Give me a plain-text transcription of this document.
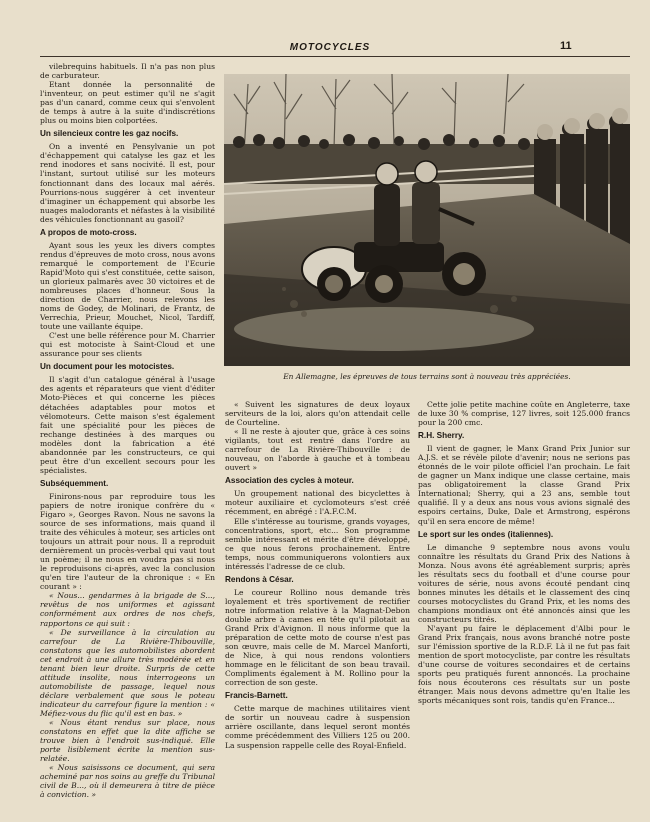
MOTOCYCLES	11

vilebrequins habituels. Il n'a pas non plus de carburateur.

Etant donnée la personnalité de l'inventeur, on peut estimer qu'il ne s'agit pas d'un canard, comme ceux qui s'envolent de temps à autre à la suite d'indiscrétions plus ou moins bien colportées.

Un silencieux contre les gaz nocifs.

On a inventé en Pensylvanie un pot d'échappement qui catalyse les gaz et les rend inodores et sans nocivité. Il est, pour l'instant, surtout utilisé sur les moteurs fonctionnant dans des locaux mal aérés. Pourrions-nous suggérer à cet inventeur d'imaginer un échappement qui absorbe les nuages malodorants et néfastes à la visibilité des véhicules fonctionnant au gasoil?

A propos de moto-cross.

Ayant sous les yeux les divers comptes rendus d'épreuves de moto cross, nous avons remarqué le comportement de l'Ecurie Rapid'Moto qui s'est constituée, cette saison, un glorieux palmarès avec 30 victoires et de nombreuses places d'honneur. Sous la direction de Charrier, nous relevons les noms de Godey, de Molinari, de Frantz, de Verrechia, Prieur, Mouchet, Nicol, Tardiff, toute une vaillante équipe.

C'est une belle référence pour M. Charrier qui est motociste à Saint-Cloud et une assurance pour ses clients

Un document pour les motocistes.

Il s'agit d'un catalogue général à l'usage des agents et réparateurs que vient d'éditer Moto-Pièces et qui concerne les pièces détachées adaptables pour motos et vélomoteurs. Cette maison s'est également fait une spécialité pour les pièces de rechange destinées à des marques ou modèles dont la fabrication a été abandonnée par les constructeurs, ce qui peut être d'un excellent secours pour les spécialistes.

Subséquemment.

Finirons-nous par reproduire tous les papiers de notre ironique confrère du « Figaro », Georges Ravon. Nous ne savons la source de ses informations, mais quand il traite des véhicules à moteur, ses articles ont toujours un attrait pour nous. Il a reproduit dernièrement un procès-verbal qui vaut tout un poème; il ne nous en voudra pas si nous le reproduisons ci-après, avec la conclusion qu'en tire l'auteur de la chronique : « En courant » :

« Nous... gendarmes à la brigade de S..., revêtus de nos uniformes et agissant conformément aux ordres de nos chefs, rapportons ce qui suit :

« De surveillance à la circulation au carrefour de La Rivière-Thibouville, constatons que les automobilistes abordent cet endroit à une allure très modérée et en tenant bien leur droite. Surpris de cette attitude insolite, nous interrogeons un automobiliste de passage, lequel nous déclare verbalement que sous le poteau indicateur du carrefour figure la mention : « Méfiez-vous du flic qu'il est en bas. »

« Nous étant rendus sur place, nous constatons en effet que la dite affiche se trouve bien à l'endroit sus-indiqué. Elle porte lisiblement écrite la mention sus-relatée.

« Nous saisissons ce document, qui sera acheminé par nos soins au greffe du Tribunal civil de B..., où il demeurera à titre de pièce à conviction. »

En Allemagne, les épreuves de tous terrains sont à nouveau très appréciées.

« Suivent les signatures de deux loyaux serviteurs de la loi, alors qu'on attendait celle de Courteline.

« Il ne reste à ajouter que, grâce à ces soins vigilants, tout est rentré dans l'ordre au carrefour de La Rivière-Thibouville : de nouveau, on l'aborde à gauche et à tombeau ouvert »

Association des cycles à moteur.

Un groupement national des bicyclettes à moteur auxiliaire et cyclomoteurs s'est créé récemment, en abrégé : l'A.F.C.M.

Elle s'intéresse au tourisme, grands voyages, concentrations, sport, etc... Son programme semble intéressant et mérite d'être développé, ce que nous ferons prochainement. Entre temps, nous communiquerons volontiers aux intéressés l'adresse de ce club.

Rendons à César.

Le coureur Rollino nous demande très loyalement et très sportivement de rectifier notre information relative à la Magnat-Debon double arbre à cames en tête qu'il pilotait au Grand Prix d'Avignon. Il nous informe que la préparation de cette moto de course n'est pas son œuvre, mais celle de M. Marcel Manforti, de Nice, à qui nous rendons volontiers hommage en le félicitant de son beau travail. Compliments également à M. Rollino pour la correction de son geste.

Francis-Barnett.

Cette marque de machines utilitaires vient de sortir un nouveau cadre à suspension arrière oscillante, dans lequel seront montés comme précédemment des Villiers 125 ou 200. La suspension rappelle celle des Royal-Enfield.

Cette jolie petite machine coûte en Angleterre, taxe de luxe 30 % comprise, 127 livres, soit 125.000 francs pour la 200 cmc.

R.H. Sherry.

Il vient de gagner, le Manx Grand Prix Junior sur A.J.S. et se révèle pilote d'avenir; nous ne serions pas étonnés de le voir pilote officiel l'an prochain. Le fait de gagner un Manx indique une classe certaine, mais pas obligatoirement la classe Grand Prix International; Sherry, qui a 23 ans, semble tout qualifié. Il y a deux ans nous vous avions signalé des espoirs certains, Duke, Dale et Armstrong, espérons qu'il en sera encore de même!

Le sport sur les ondes (italiennes).

Le dimanche 9 septembre nous avons voulu connaître les résultats du Grand Prix des Nations à Monza. Nous avons été agréablement surpris; après les résultats secs du football et d'une course pour voitures de série, nous avons écouté pendant cinq bonnes minutes les détails et le classement des cinq courses motocyclistes du Grand Prix, et les noms des champions mondiaux ont été annoncés ainsi que les constructeurs titrés.

N'ayant pu faire le déplacement d'Albi pour le Grand Prix français, nous avons branché notre poste sur l'émission sportive de la R.D.F. Là il ne fut pas fait mention de sport motocycliste, par contre les résultats d'une course de voitures secondaires et de certains sports peu pratiqués furent annoncés. La prochaine fois nous écouterons ces résultats sur un poste étranger. Mais nous devons admettre qu'en Italie les sports mécaniques sont rois, tandis qu'en France...
